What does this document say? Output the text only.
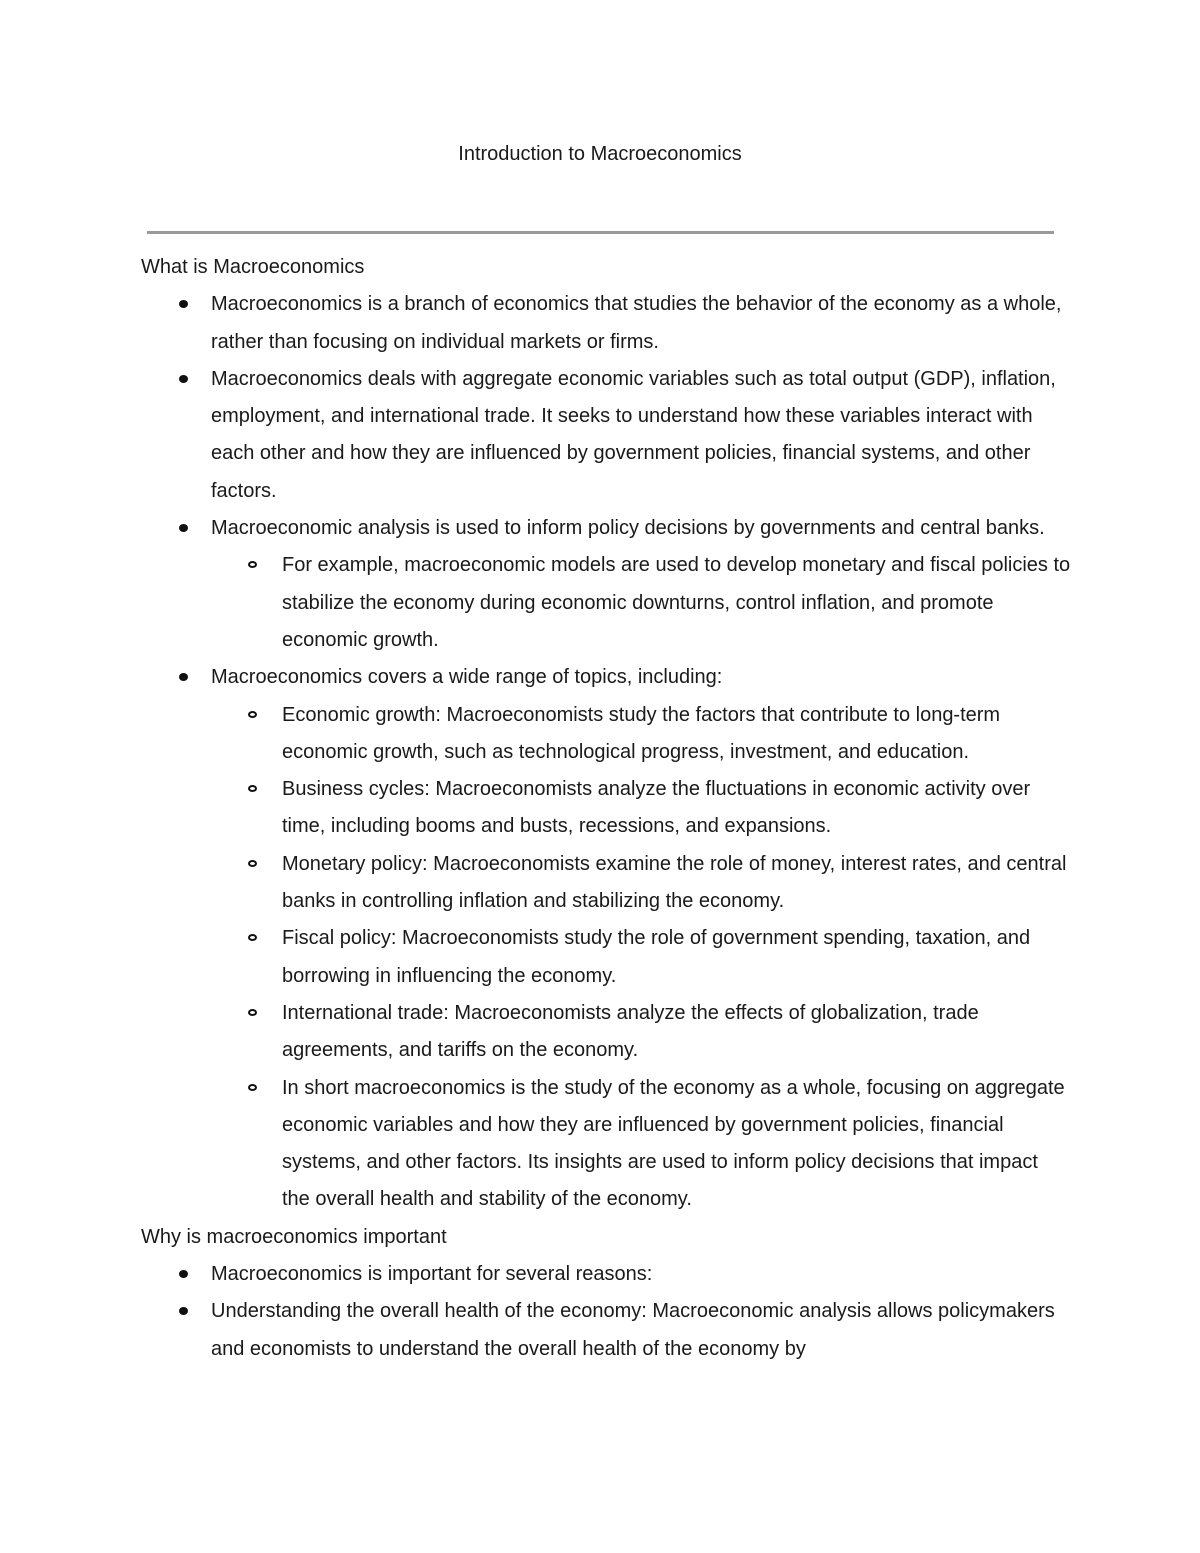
Introduction to Macroeconomics

What is Macroeconomics

Macroeconomics is a branch of economics that studies the behavior of the economy as a whole, rather than focusing on individual markets or firms.
Macroeconomics deals with aggregate economic variables such as total output (GDP), inflation, employment, and international trade. It seeks to understand how these variables interact with each other and how they are influenced by government policies, financial systems, and other factors.
Macroeconomic analysis is used to inform policy decisions by governments and central banks.
For example, macroeconomic models are used to develop monetary and fiscal policies to stabilize the economy during economic downturns, control inflation, and promote economic growth.
Macroeconomics covers a wide range of topics, including:
Economic growth: Macroeconomists study the factors that contribute to long-term economic growth, such as technological progress, investment, and education.
Business cycles: Macroeconomists analyze the fluctuations in economic activity over time, including booms and busts, recessions, and expansions.
Monetary policy: Macroeconomists examine the role of money, interest rates, and central banks in controlling inflation and stabilizing the economy.
Fiscal policy: Macroeconomists study the role of government spending, taxation, and borrowing in influencing the economy.
International trade: Macroeconomists analyze the effects of globalization, trade agreements, and tariffs on the economy.
In short macroeconomics is the study of the economy as a whole, focusing on aggregate economic variables and how they are influenced by government policies, financial systems, and other factors. Its insights are used to inform policy decisions that impact the overall health and stability of the economy.

Why is macroeconomics important

Macroeconomics is important for several reasons:
Understanding the overall health of the economy: Macroeconomic analysis allows policymakers and economists to understand the overall health of the economy by
